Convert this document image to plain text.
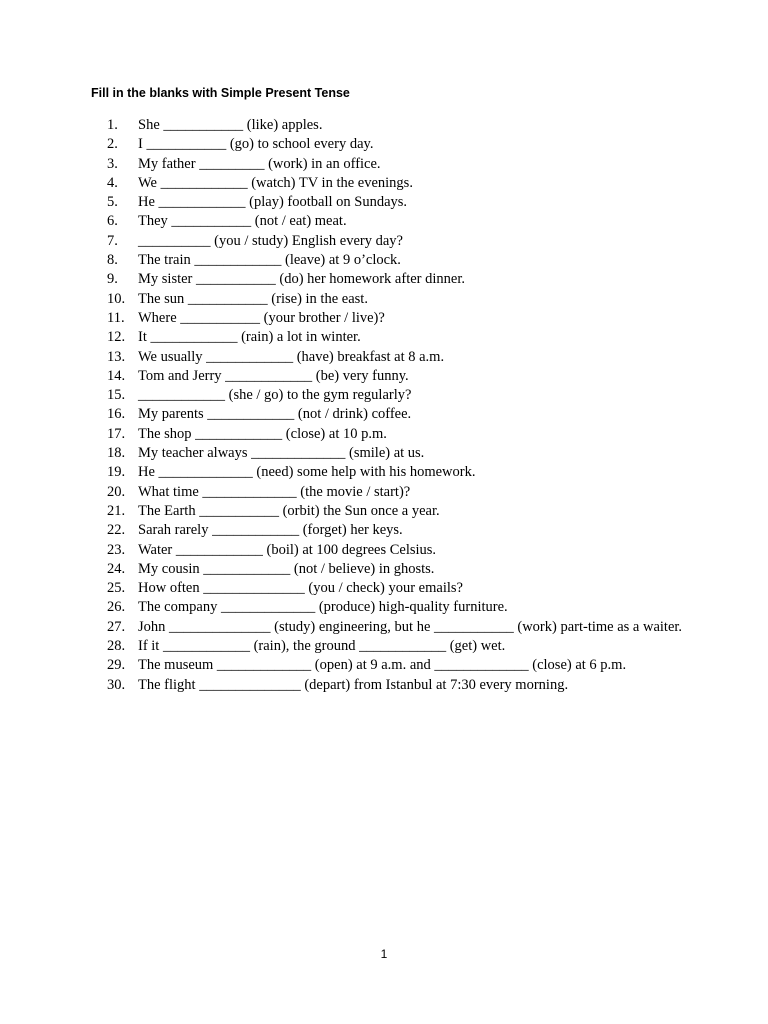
Fill in the blanks with Simple Present Tense
1.	She ___________ (like) apples.
2.	I ___________ (go) to school every day.
3.	My father _________ (work) in an office.
4.	We ____________ (watch) TV in the evenings.
5.	He ____________ (play) football on Sundays.
6.	They ___________ (not / eat) meat.
7.	__________ (you / study) English every day?
8.	The train ____________ (leave) at 9 o’clock.
9.	My sister ___________ (do) her homework after dinner.
10. The sun ___________ (rise) in the east.
11. Where ___________ (your brother / live)?
12. It ____________ (rain) a lot in winter.
13. We usually ____________ (have) breakfast at 8 a.m.
14. Tom and Jerry ____________ (be) very funny.
15. ____________ (she / go) to the gym regularly?
16. My parents ____________ (not / drink) coffee.
17. The shop ____________ (close) at 10 p.m.
18. My teacher always _____________ (smile) at us.
19. He _____________ (need) some help with his homework.
20. What time _____________ (the movie / start)?
21. The Earth ___________ (orbit) the Sun once a year.
22. Sarah rarely ____________ (forget) her keys.
23. Water ____________ (boil) at 100 degrees Celsius.
24. My cousin ____________ (not / believe) in ghosts.
25. How often ______________ (you / check) your emails?
26. The company _____________ (produce) high-quality furniture.
27. John ______________ (study) engineering, but he ___________ (work) part-time as a waiter.
28. If it ____________ (rain), the ground ____________ (get) wet.
29. The museum _____________ (open) at 9 a.m. and _____________ (close) at 6 p.m.
30. The flight ______________ (depart) from Istanbul at 7:30 every morning.
1
